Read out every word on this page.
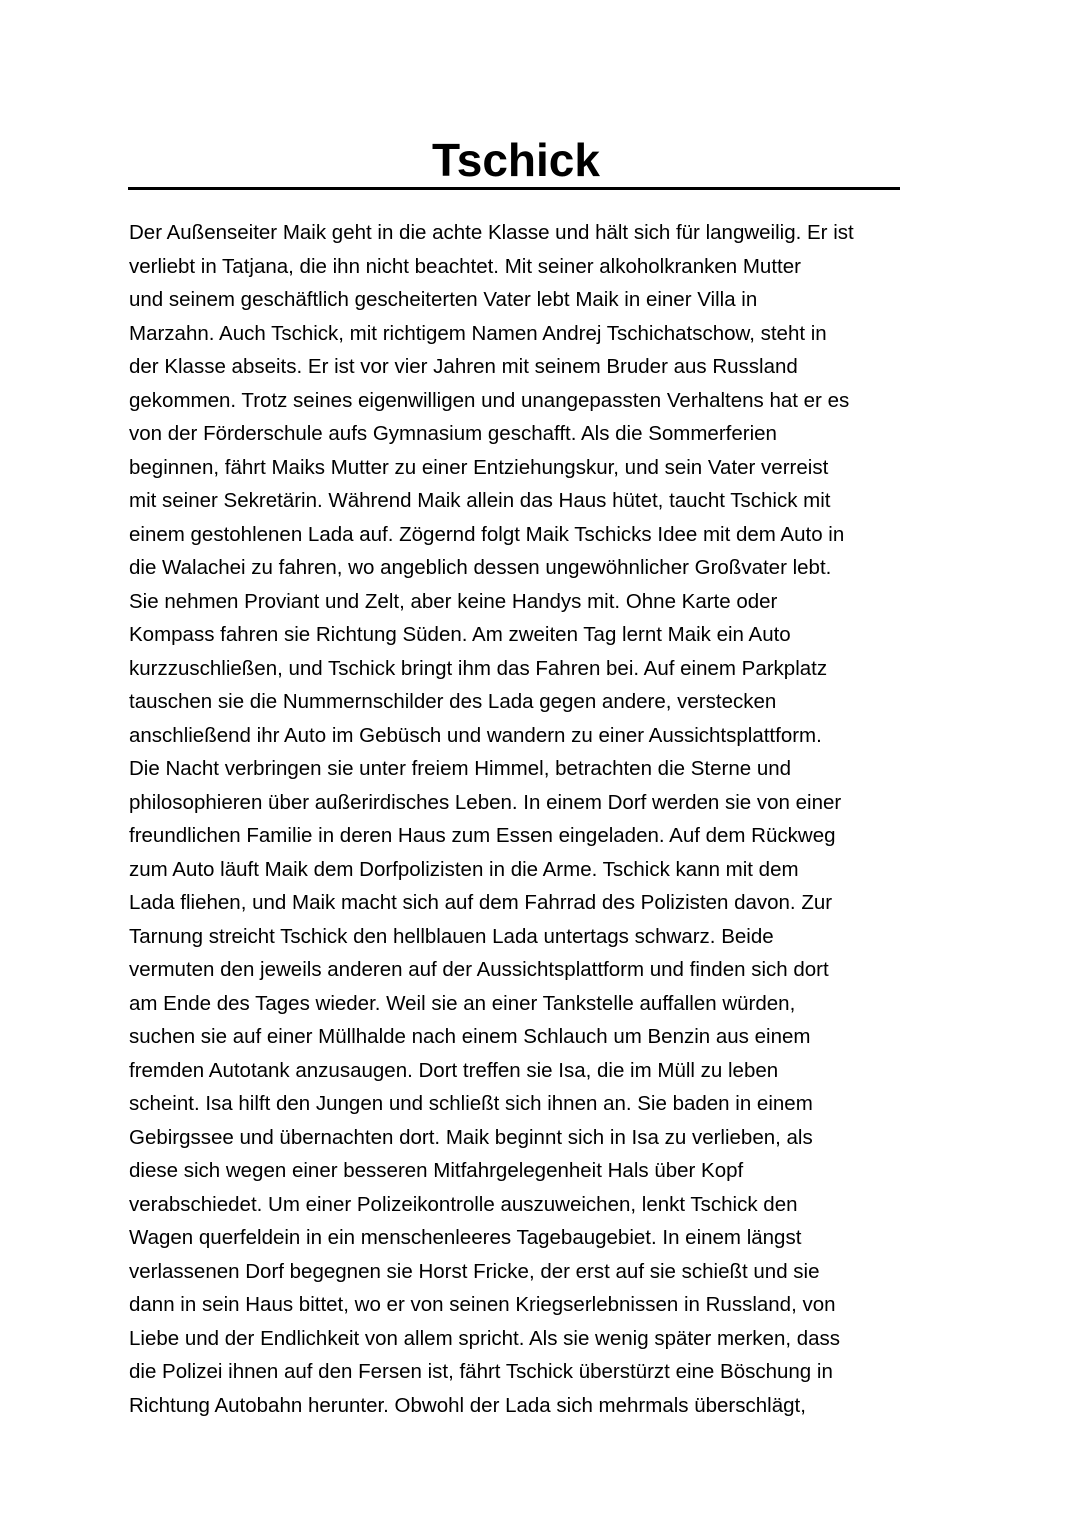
Tschick
Der Außenseiter Maik geht in die achte Klasse und hält sich für langweilig. Er ist
verliebt in Tatjana, die ihn nicht beachtet. Mit seiner alkoholkranken Mutter
und seinem geschäftlich gescheiterten Vater lebt Maik in einer Villa in
Marzahn. Auch Tschick, mit richtigem Namen Andrej Tschichatschow, steht in
der Klasse abseits. Er ist vor vier Jahren mit seinem Bruder aus Russland
gekommen. Trotz seines eigenwilligen und unangepassten Verhaltens hat er es
von der Förderschule aufs Gymnasium geschafft. Als die Sommerferien
beginnen, fährt Maiks Mutter zu einer Entziehungskur, und sein Vater verreist
mit seiner Sekretärin. Während Maik allein das Haus hütet, taucht Tschick mit
einem gestohlenen Lada auf. Zögernd folgt Maik Tschicks Idee mit dem Auto in
die Walachei zu fahren, wo angeblich dessen ungewöhnlicher Großvater lebt.
Sie nehmen Proviant und Zelt, aber keine Handys mit. Ohne Karte oder
Kompass fahren sie Richtung Süden. Am zweiten Tag lernt Maik ein Auto
kurzzuschließen, und Tschick bringt ihm das Fahren bei. Auf einem Parkplatz
tauschen sie die Nummernschilder des Lada gegen andere, verstecken
anschließend ihr Auto im Gebüsch und wandern zu einer Aussichtsplattform.
Die Nacht verbringen sie unter freiem Himmel, betrachten die Sterne und
philosophieren über außerirdisches Leben. In einem Dorf werden sie von einer
freundlichen Familie in deren Haus zum Essen eingeladen. Auf dem Rückweg
zum Auto läuft Maik dem Dorfpolizisten in die Arme. Tschick kann mit dem
Lada fliehen, und Maik macht sich auf dem Fahrrad des Polizisten davon. Zur
Tarnung streicht Tschick den hellblauen Lada untertags schwarz. Beide
vermuten den jeweils anderen auf der Aussichtsplattform und finden sich dort
am Ende des Tages wieder. Weil sie an einer Tankstelle auffallen würden,
suchen sie auf einer Müllhalde nach einem Schlauch um Benzin aus einem
fremden Autotank anzusaugen. Dort treffen sie Isa, die im Müll zu leben
scheint. Isa hilft den Jungen und schließt sich ihnen an. Sie baden in einem
Gebirgssee und übernachten dort. Maik beginnt sich in Isa zu verlieben, als
diese sich wegen einer besseren Mitfahrgelegenheit Hals über Kopf
verabschiedet. Um einer Polizeikontrolle auszuweichen, lenkt Tschick den
Wagen querfeldein in ein menschenleeres Tagebaugebiet. In einem längst
verlassenen Dorf begegnen sie Horst Fricke, der erst auf sie schießt und sie
dann in sein Haus bittet, wo er von seinen Kriegserlebnissen in Russland, von
Liebe und der Endlichkeit von allem spricht. Als sie wenig später merken, dass
die Polizei ihnen auf den Fersen ist, fährt Tschick überstürzt eine Böschung in
Richtung Autobahn herunter. Obwohl der Lada sich mehrmals überschlägt,
